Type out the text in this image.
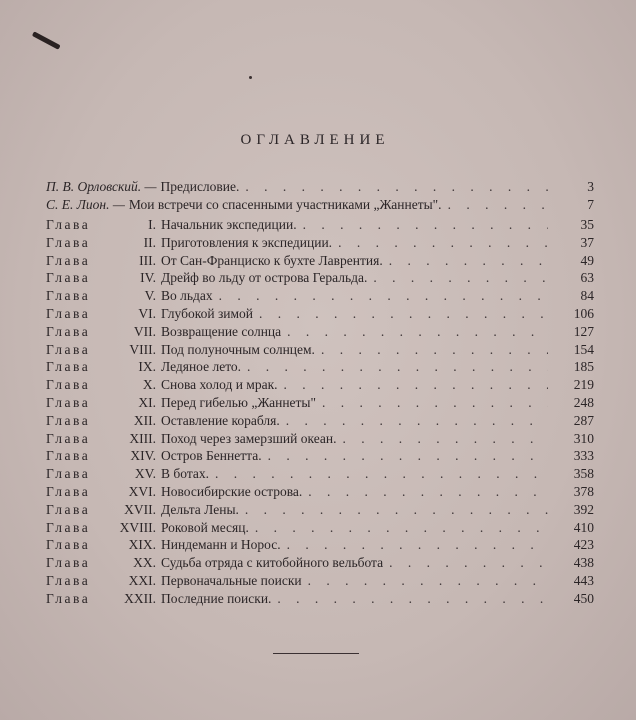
ОГЛАВЛЕНИЕ
П. В. Орловский. — Предисловие. . . .	3
С. Е. Лион. — Мои встречи со спасенными участниками „Жаннеты". . . .	7
Глава	I. Начальник экспедиции. . . .	35
Глава	II. Приготовления к экспедиции. . . .	37
Глава	III. От Сан-Франциско к бухте Лаврентия. . . .	49
Глава	IV. Дрейф во льду от острова Геральда. . . .	63
Глава	V. Во льдах . . .	84
Глава	VI. Глубокой зимой . . .	106
Глава	VII. Возвращение солнца . . .	127
Глава	VIII. Под полуночным солнцем. . . .	154
Глава	IX. Ледяное лето. . . .	185
Глава	X. Снова холод и мрак. . . .	219
Глава	XI. Перед гибелью „Жаннеты" . . .	248
Глава	XII. Оставление корабля. . . .	287
Глава	XIII. Поход через замерзший океан. . . .	310
Глава	XIV. Остров Беннетта. . . .	333
Глава	XV. В ботах. . . .	358
Глава	XVI. Новосибирские острова. . . .	378
Глава	XVII. Дельта Лены. . . .	392
Глава	XVIII. Роковой месяц. . . .	410
Глава	XIX. Ниндеманн и Норос. . . .	423
Глава	XX. Судьба отряда с китобойного вельбота . . .	438
Глава	XXI. Первоначальные поиски . . .	443
Глава	XXII. Последние поиски. . . .	450
